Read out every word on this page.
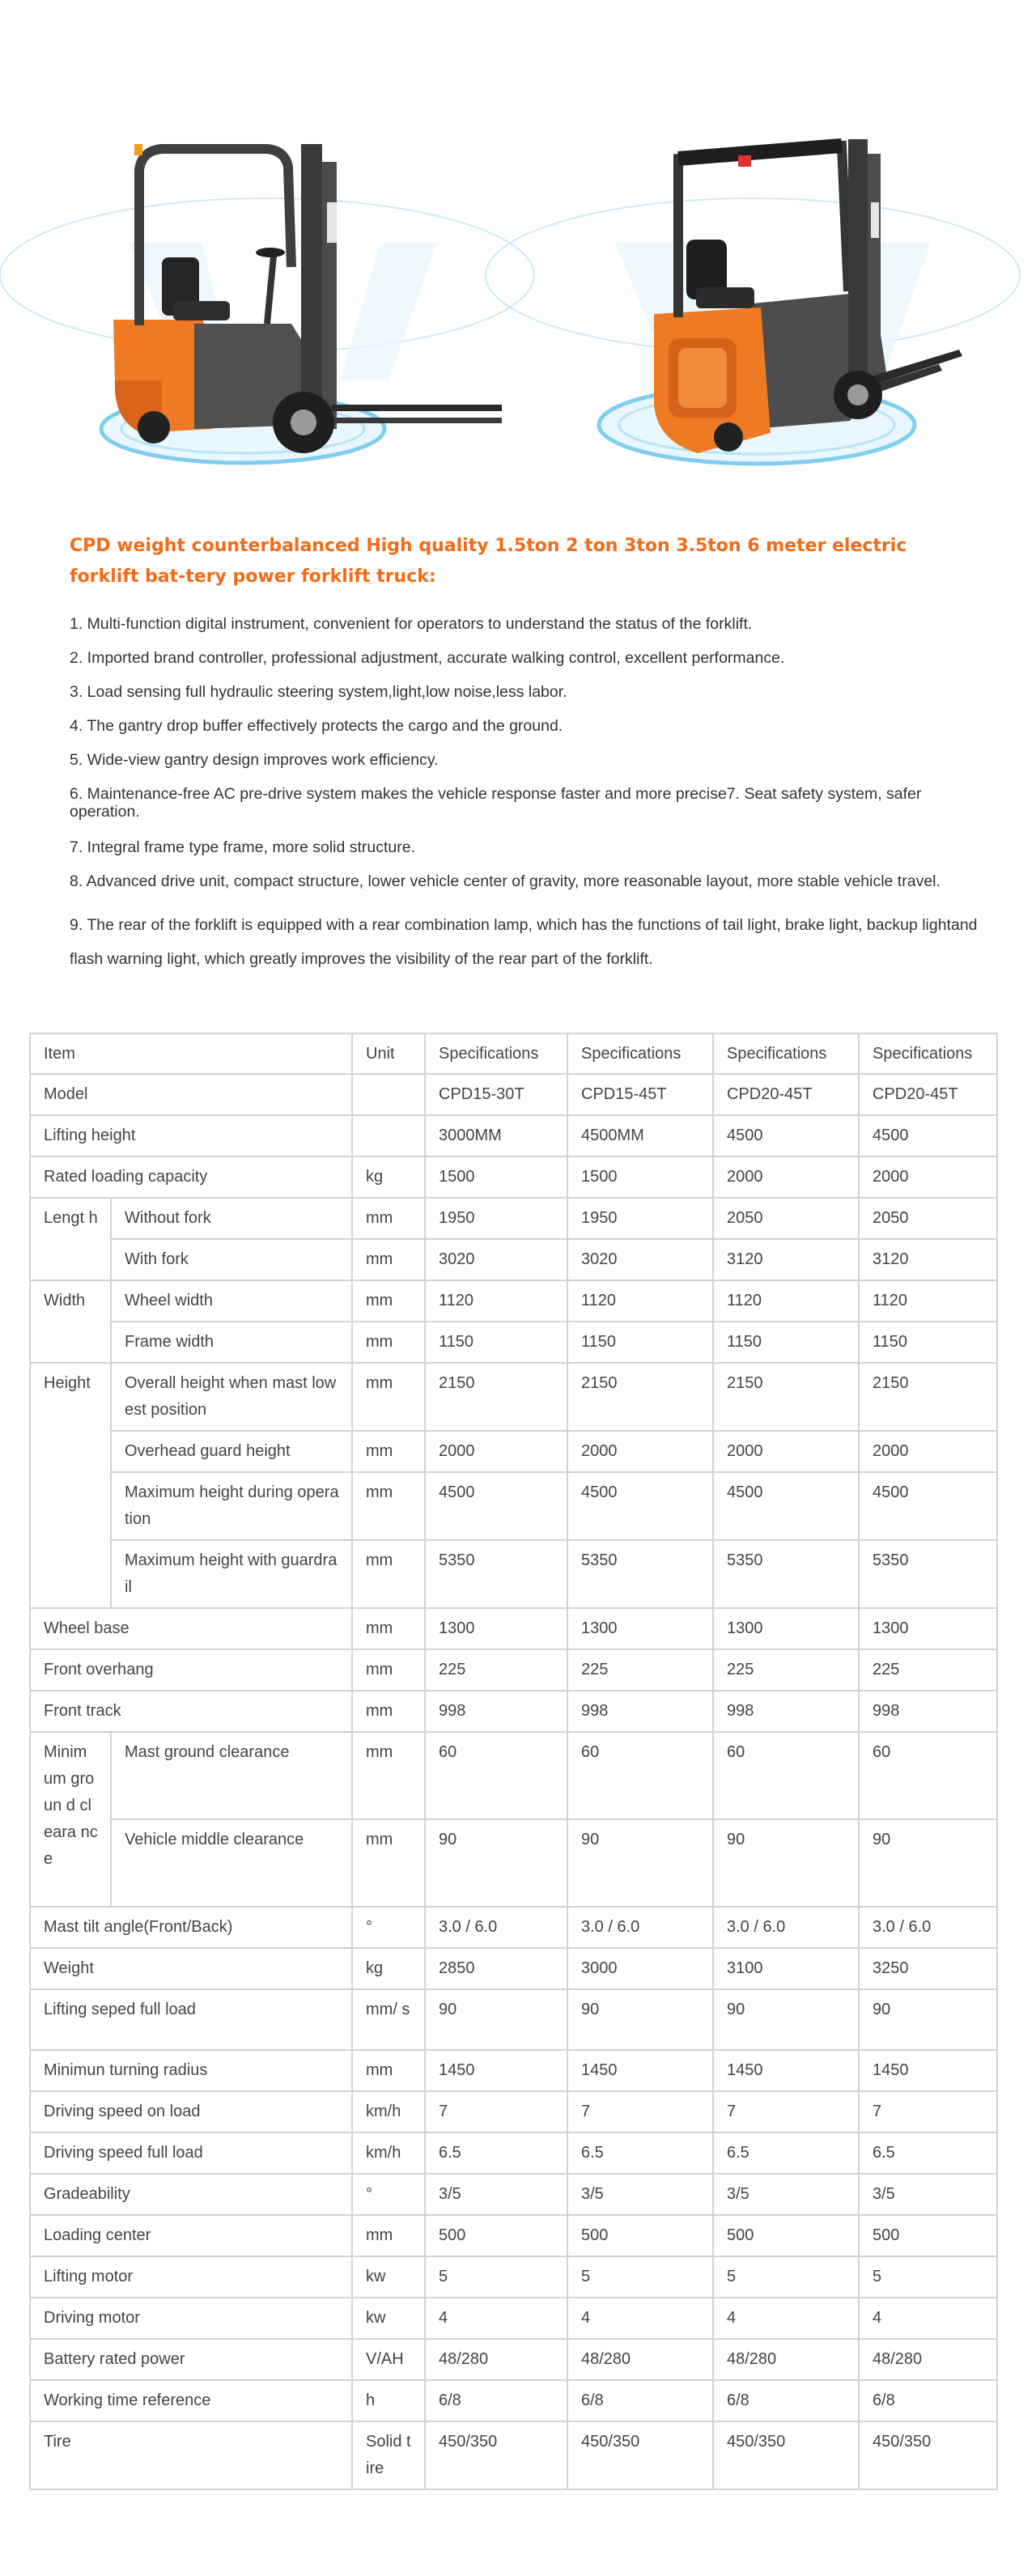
CPD weight counterbalanced High quality 1.5ton 2 ton 3ton 3.5ton 6 meter electric forklift bat-tery power forklift truck:
1. Multi-function digital instrument, convenient for operators to understand the status of the forklift.
2. Imported brand controller, professional adjustment, accurate walking control, excellent performance.
3. Load sensing full hydraulic steering system,light,low noise,less labor.
4. The gantry drop buffer effectively protects the cargo and the ground.
5. Wide-view gantry design improves work efficiency.
6. Maintenance-free AC pre-drive system makes the vehicle response faster and more precise7. Seat safety system, safer operation.
7. Integral frame type frame, more solid structure.
8. Advanced drive unit, compact structure, lower vehicle center of gravity, more reasonable layout, more stable vehicle travel.
9. The rear of the forklift is equipped with a rear combination lamp, which has the functions of tail light, brake light, backup lightand flash warning light, which greatly improves the visibility of the rear part of the forklift.
Item		Unit	Specifications	Specifications	Specifications	Specifications
Model			CPD15-30T	CPD15-45T	CPD20-45T	CPD20-45T
Lifting height			3000MM	4500MM	4500	4500
Rated loading capacity		kg	1500	1500	2000	2000
Lengt h	Without fork	mm	1950	1950	2050	2050
	With fork	mm	3020	3020	3120	3120
Width	Wheel width	mm	1120	1120	1120	1120
	Frame width	mm	1150	1150	1150	1150
Height	Overall height when mast lowest position	mm	2150	2150	2150	2150
	Overhead guard height	mm	2000	2000	2000	2000
	Maximum height during operation	mm	4500	4500	4500	4500
	Maximum height with guardrail	mm	5350	5350	5350	5350
Wheel base		mm	1300	1300	1300	1300
Front overhang		mm	225	225	225	225
Front track		mm	998	998	998	998
Minim um groun d cleara nce	Mast ground clearance	mm	60	60	60	60
	Vehicle middle clearance	mm	90	90	90	90
Mast tilt angle(Front/Back)		°	3.0 / 6.0	3.0 / 6.0	3.0 / 6.0	3.0 / 6.0
Weight		kg	2850	3000	3100	3250
Lifting seped full load		mm/ s	90	90	90	90
Minimun turning radius		mm	1450	1450	1450	1450
Driving speed on load		km/h	7	7	7	7
Driving speed full load		km/h	6.5	6.5	6.5	6.5
Gradeability		°	3/5	3/5	3/5	3/5
Loading center		mm	500	500	500	500
Lifting motor		kw	5	5	5	5
Driving motor		kw	4	4	4	4
Battery rated power		V/AH	48/280	48/280	48/280	48/280
Working time reference		h	6/8	6/8	6/8	6/8
Tire		Solid tire	450/350	450/350	450/350	450/350
